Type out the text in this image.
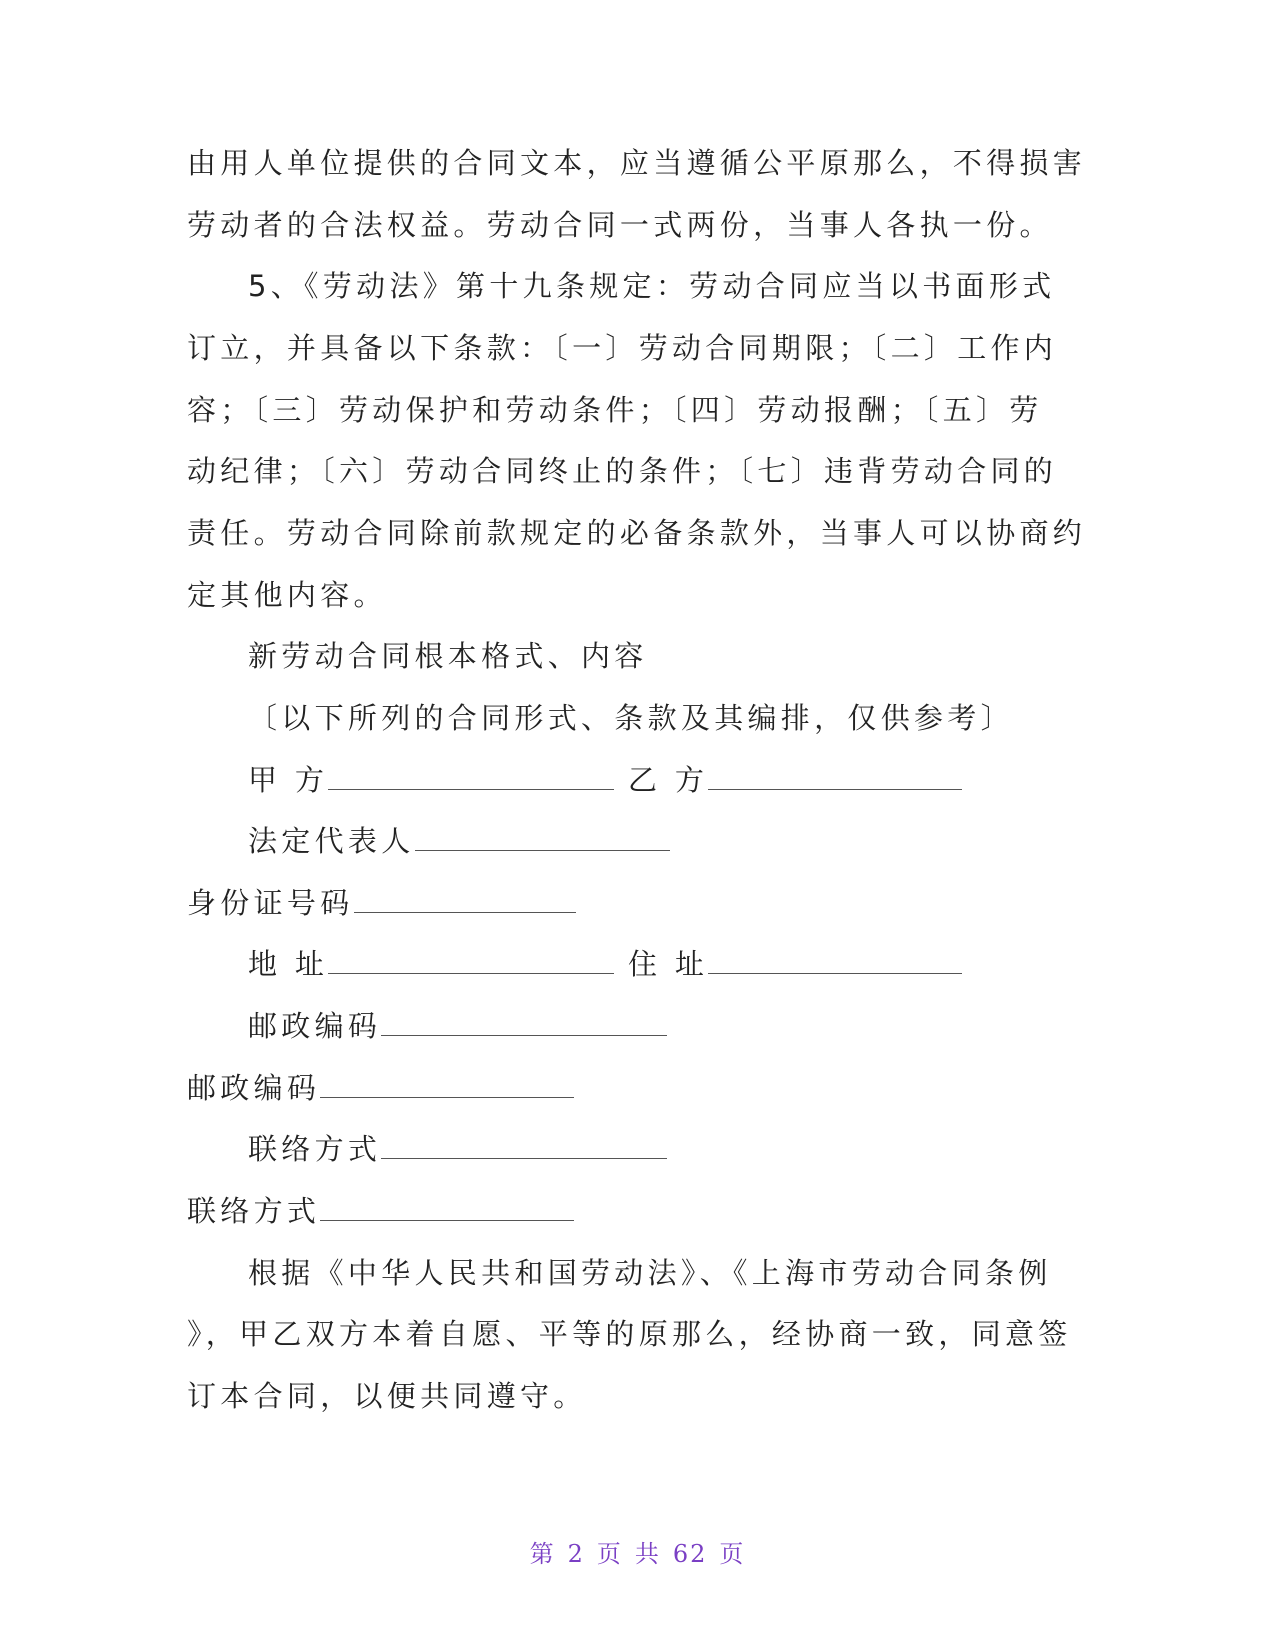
由用人单位提供的合同文本，应当遵循公平原那么，不得损害
劳动者的合法权益。劳动合同一式两份，当事人各执一份。
5、《劳动法》第十九条规定：劳动合同应当以书面形式
订立，并具备以下条款：〔一〕劳动合同期限；〔二〕工作内
容；〔三〕劳动保护和劳动条件；〔四〕劳动报酬；〔五〕劳
动纪律；〔六〕劳动合同终止的条件；〔七〕违背劳动合同的
责任。劳动合同除前款规定的必备条款外，当事人可以协商约
定其他内容。
新劳动合同根本格式、内容
〔以下所列的合同形式、条款及其编排，仅供参考〕
甲 方	乙 方
法定代表人
身份证号码
地 址	住 址
邮政编码
邮政编码
联络方式
联络方式
根据《中华人民共和国劳动法》、《上海市劳动合同条例
》，甲乙双方本着自愿、平等的原那么，经协商一致，同意签
订本合同，以便共同遵守。
第 2 页 共 62 页
